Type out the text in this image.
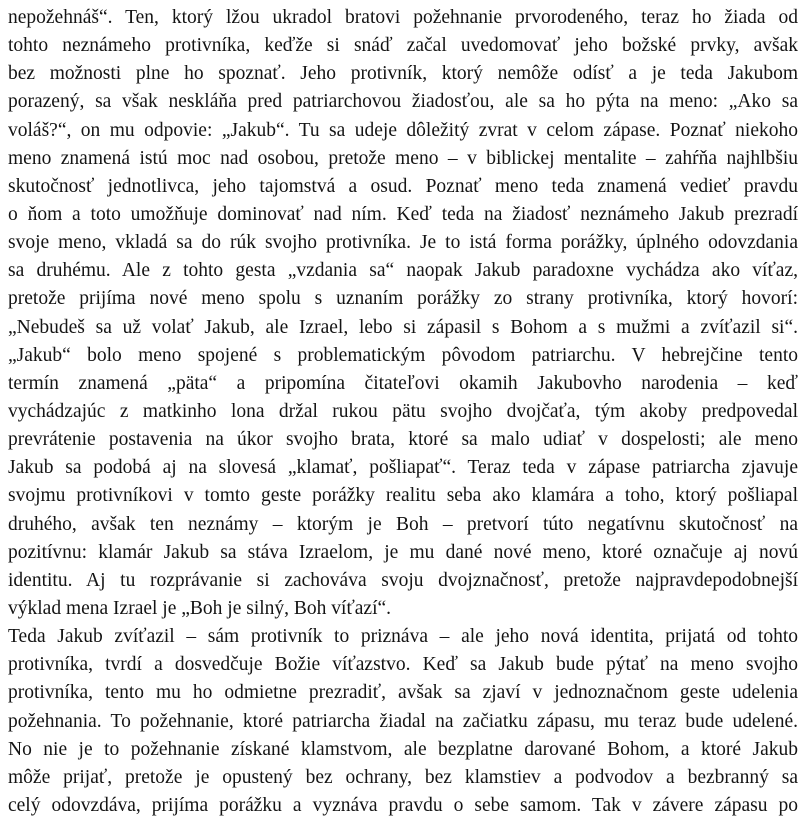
nepožehnáš“. Ten, ktorý lžou ukradol bratovi požehnanie prvorodeného, teraz ho žiada od
tohto neznámeho protivníka, keďže si snáď začal uvedomovať jeho božské prvky, avšak
bez možnosti plne ho spoznať. Jeho protivník, ktorý nemôže odísť a je teda Jakubom
porazený, sa však neskláňa pred patriarchovou žiadosťou, ale sa ho pýta na meno: „Ako sa
voláš?“, on mu odpovie: „Jakub“. Tu sa udeje dôležitý zvrat v celom zápase. Poznať niekoho
meno znamená istú moc nad osobou, pretože meno – v biblickej mentalite – zahŕňa najhlbšiu
skutočnosť jednotlivca, jeho tajomstvá a osud. Poznať meno teda znamená vedieť pravdu
o ňom a toto umožňuje dominovať nad ním. Keď teda na žiadosť neznámeho Jakub prezradí
svoje meno, vkladá sa do rúk svojho protivníka. Je to istá forma porážky, úplného odovzdania
sa druhému. Ale z tohto gesta „vzdania sa“ naopak Jakub paradoxne vychádza ako víťaz,
pretože prijíma nové meno spolu s uznaním porážky zo strany protivníka, ktorý hovorí:
„Nebudeš sa už volať Jakub, ale Izrael, lebo si zápasil s Bohom a s mužmi a zvíťazil si“.
„Jakub“ bolo meno spojené s problematickým pôvodom patriarchu. V hebrejčine tento
termín znamená „päta“ a pripomína čitateľovi okamih Jakubovho narodenia – keď
vychádzajúc z matkinho lona držal rukou pätu svojho dvojčaťa, tým akoby predpovedal
prevrátenie postavenia na úkor svojho brata, ktoré sa malo udiať v dospelosti; ale meno
Jakub sa podobá aj na slovesá „klamať, pošliapať“. Teraz teda v zápase patriarcha zjavuje
svojmu protivníkovi v tomto geste porážky realitu seba ako klamára a toho, ktorý pošliapal
druhého, avšak ten neznámy – ktorým je Boh – pretvorí túto negatívnu skutočnosť na
pozitívnu: klamár Jakub sa stáva Izraelom, je mu dané nové meno, ktoré označuje aj novú
identitu. Aj tu rozprávanie si zachováva svoju dvojznačnosť, pretože najpravdepodobnejší
výklad mena Izrael je „Boh je silný, Boh víťazí“.
Teda Jakub zvíťazil – sám protivník to priznáva – ale jeho nová identita, prijatá od tohto
protivníka, tvrdí a dosvedčuje Božie víťazstvo. Keď sa Jakub bude pýtať na meno svojho
protivníka, tento mu ho odmietne prezradiť, avšak sa zjaví v jednoznačnom geste udelenia
požehnania. To požehnanie, ktoré patriarcha žiadal na začiatku zápasu, mu teraz bude udelené.
No nie je to požehnanie získané klamstvom, ale bezplatne darované Bohom, a ktoré Jakub
môže prijať, pretože je opustený bez ochrany, bez klamstiev a podvodov a bezbranný sa
celý odovzdáva, prijíma porážku a vyznáva pravdu o sebe samom. Tak v závere zápasu po
